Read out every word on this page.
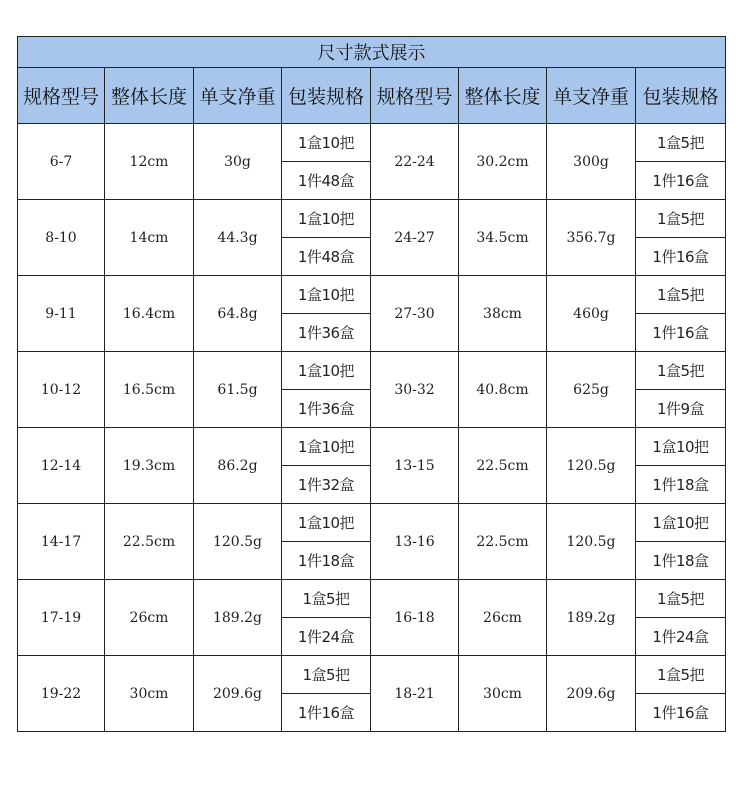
尺寸款式展示							
规格型号	整体长度	单支净重	包装规格	规格型号	整体长度	单支净重	包装规格
6-7	12cm	30g	1盒10把	22-24	30.2cm	300g	1盒5把
			1件48盒				1件16盒
8-10	14cm	44.3g	1盒10把	24-27	34.5cm	356.7g	1盒5把
			1件48盒				1件16盒
9-11	16.4cm	64.8g	1盒10把	27-30	38cm	460g	1盒5把
			1件36盒				1件16盒
10-12	16.5cm	61.5g	1盒10把	30-32	40.8cm	625g	1盒5把
			1件36盒				1件9盒
12-14	19.3cm	86.2g	1盒10把	13-15	22.5cm	120.5g	1盒10把
			1件32盒				1件18盒
14-17	22.5cm	120.5g	1盒10把	13-16	22.5cm	120.5g	1盒10把
			1件18盒				1件18盒
17-19	26cm	189.2g	1盒5把	16-18	26cm	189.2g	1盒5把
			1件24盒				1件24盒
19-22	30cm	209.6g	1盒5把	18-21	30cm	209.6g	1盒5把
			1件16盒				1件16盒
